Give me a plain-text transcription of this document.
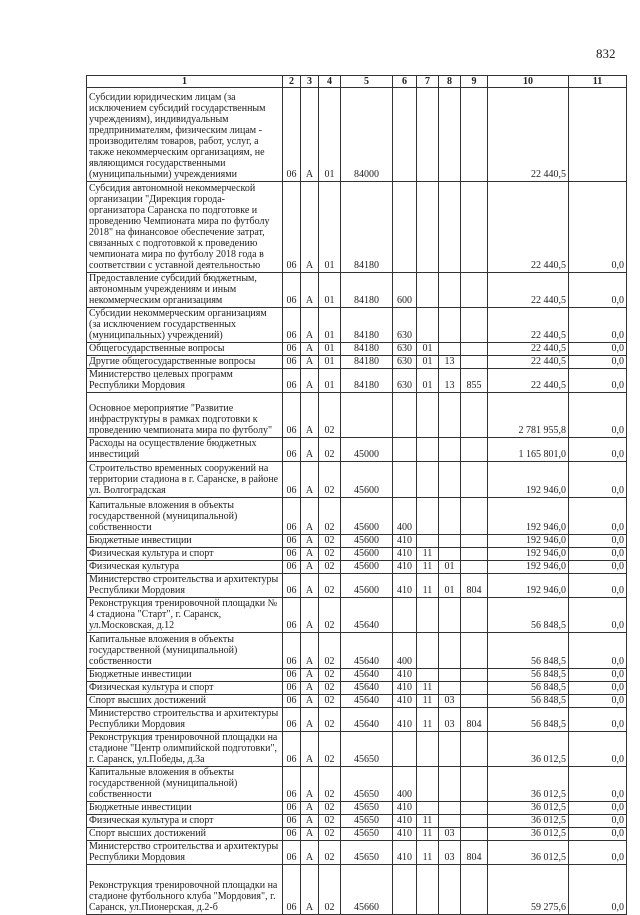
832
1	2	3	4	5	6	7	8	9	10	11
Субсидии юридическим лицам (за исключением субсидий государственным учреждениям), индивидуальным предпринимателям, физическим лицам - производителям товаров, работ, услуг, а также некоммерческим организациям, не являющимся государственными (муниципальными) учреждениями	06	А	01	84000					22 440,5	
Субсидия автономной некоммерческой организации "Дирекция города-организатора Саранска по подготовке и проведению Чемпионата мира по футболу 2018" на финансовое обеспечение затрат, связанных с подготовкой к проведению чемпионата мира по футболу 2018 года в соответствии с уставной деятельностью	06	А	01	84180					22 440,5	0,0
Предоставление субсидий бюджетным, автономным учреждениям и иным некоммерческим организациям	06	А	01	84180	600				22 440,5	0,0
Субсидии некоммерческим организациям (за исключением государственных (муниципальных) учреждений)	06	А	01	84180	630				22 440,5	0,0
Общегосударственные вопросы	06	А	01	84180	630	01			22 440,5	0,0
Другие общегосударственные вопросы	06	А	01	84180	630	01	13		22 440,5	0,0
Министерство целевых программ Республики Мордовия	06	А	01	84180	630	01	13	855	22 440,5	0,0
Основное мероприятие "Развитие инфраструктуры в рамках подготовки к проведению чемпионата мира по футболу"	06	А	02						2 781 955,8	0,0
Расходы на осуществление бюджетных инвестиций	06	А	02	45000					1 165 801,0	0,0
Строительство временных сооружений на территории стадиона в г. Саранске, в районе ул. Волгоградская	06	А	02	45600					192 946,0	0,0
Капитальные вложения в объекты государственной (муниципальной) собственности	06	А	02	45600	400				192 946,0	0,0
Бюджетные инвестиции	06	А	02	45600	410				192 946,0	0,0
Физическая культура и спорт	06	А	02	45600	410	11			192 946,0	0,0
Физическая культура	06	А	02	45600	410	11	01		192 946,0	0,0
Министерство строительства и архитектуры Республики Мордовия	06	А	02	45600	410	11	01	804	192 946,0	0,0
Реконструкция тренировочной площадки № 4 стадиона "Старт", г. Саранск, ул.Московская, д.12	06	А	02	45640					56 848,5	0,0
Капитальные вложения в объекты государственной (муниципальной) собственности	06	А	02	45640	400				56 848,5	0,0
Бюджетные инвестиции	06	А	02	45640	410				56 848,5	0,0
Физическая культура и спорт	06	А	02	45640	410	11			56 848,5	0,0
Спорт высших достижений	06	А	02	45640	410	11	03		56 848,5	0,0
Министерство строительства и архитектуры Республики Мордовия	06	А	02	45640	410	11	03	804	56 848,5	0,0
Реконструкция тренировочной площадки на стадионе "Центр олимпийской подготовки", г. Саранск, ул.Победы, д.3а	06	А	02	45650					36 012,5	0,0
Капитальные вложения в объекты государственной (муниципальной) собственности	06	А	02	45650	400				36 012,5	0,0
Бюджетные инвестиции	06	А	02	45650	410				36 012,5	0,0
Физическая культура и спорт	06	А	02	45650	410	11			36 012,5	0,0
Спорт высших достижений	06	А	02	45650	410	11	03		36 012,5	0,0
Министерство строительства и архитектуры Республики Мордовия	06	А	02	45650	410	11	03	804	36 012,5	0,0
Реконструкция тренировочной площадки на стадионе футбольного клуба "Мордовия", г. Саранск, ул.Пионерская, д.2-б	06	А	02	45660					59 275,6	0,0
